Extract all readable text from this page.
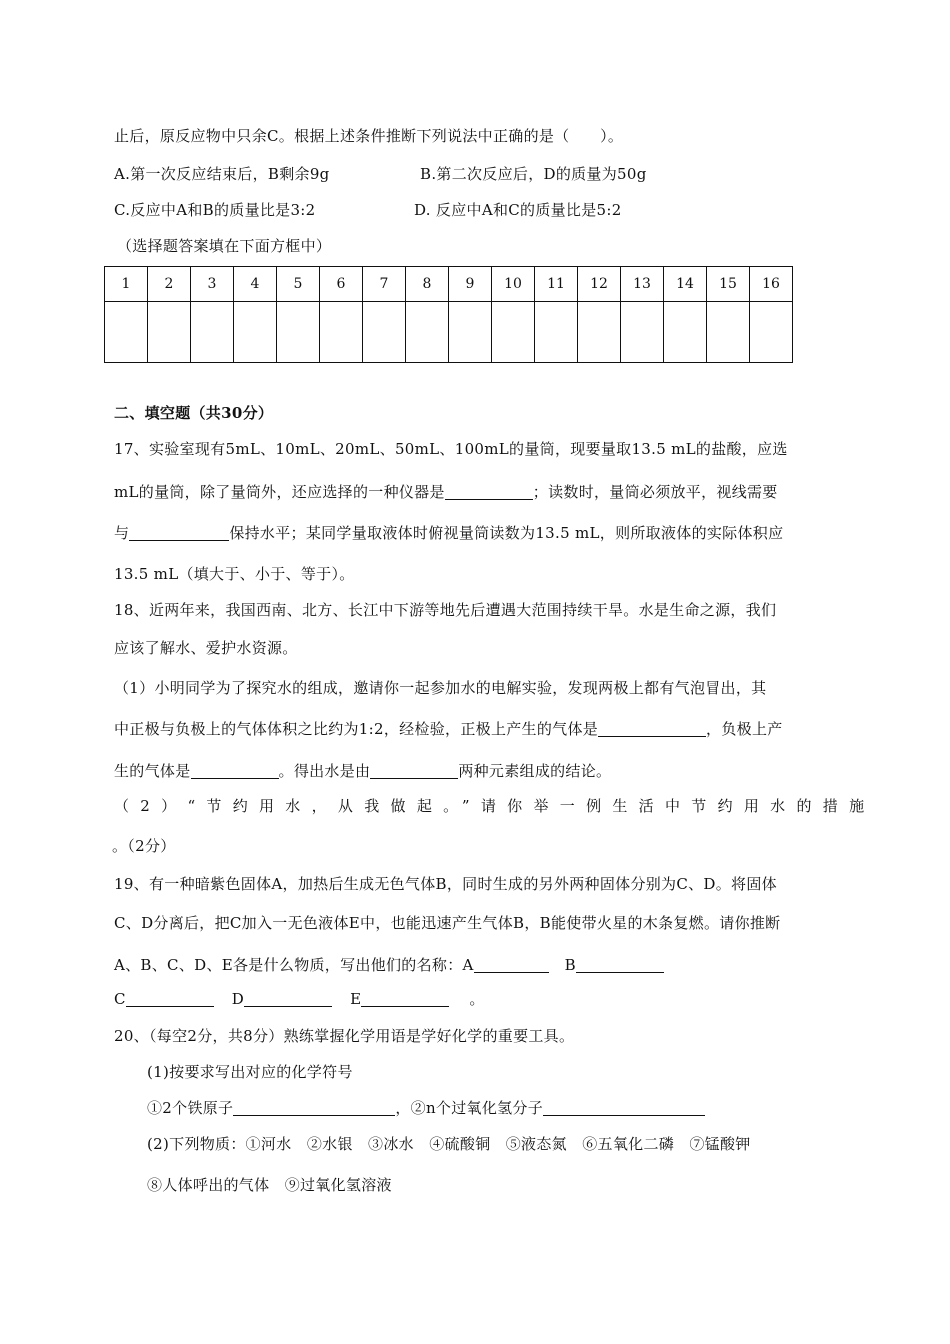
止后，原反应物中只余C。根据上述条件推断下列说法中正确的是（　　）。
A.第一次反应结束后，B剩余9g	B.第二次反应后，D的质量为50g
C.反应中A和B的质量比是3:2	D. 反应中A和C的质量比是5:2
（选择题答案填在下面方框中）
1	2	3	4	5	6	7	8	9	10	11	12	13	14	15	16

二、填空题（共30分）
17、实验室现有5mL、10mL、20mL、50mL、100mL的量筒，现要量取13.5 mL的盐酸，应选
mL的量筒，除了量筒外，还应选择的一种仪器是	；读数时，量筒必须放平，视线需要
与	保持水平；某同学量取液体时俯视量筒读数为13.5 mL，则所取液体的实际体积应
13.5 mL（填大于、小于、等于）。
18、近两年来，我国西南、北方、长江中下游等地先后遭遇大范围持续干旱。水是生命之源，我们
应该了解水、爱护水资源。
（1）小明同学为了探究水的组成，邀请你一起参加水的电解实验，发现两极上都有气泡冒出，其
中正极与负极上的气体体积之比约为1:2，经检验，正极上产生的气体是	，负极上产
生的气体是	。得出水是由	两种元素组成的结论。
（2）“节约用水，从我做起。”请你举一例生活中节约用水的措施
。（2分）
19、有一种暗紫色固体A，加热后生成无色气体B，同时生成的另外两种固体分别为C、D。将固体
C、D分离后，把C加入一无色液体E中，也能迅速产生气体B，B能使带火星的木条复燃。请你推断
A、B、C、D、E各是什么物质，写出他们的名称：A	B
C	D	E	。
20、（每空2分，共8分）熟练掌握化学用语是学好化学的重要工具。
(1)按要求写出对应的化学符号
①2个铁原子	，②n个过氧化氢分子
(2)下列物质：①河水　②水银　③冰水　④硫酸铜　⑤液态氮　⑥五氧化二磷　⑦锰酸钾
⑧人体呼出的气体　⑨过氧化氢溶液
